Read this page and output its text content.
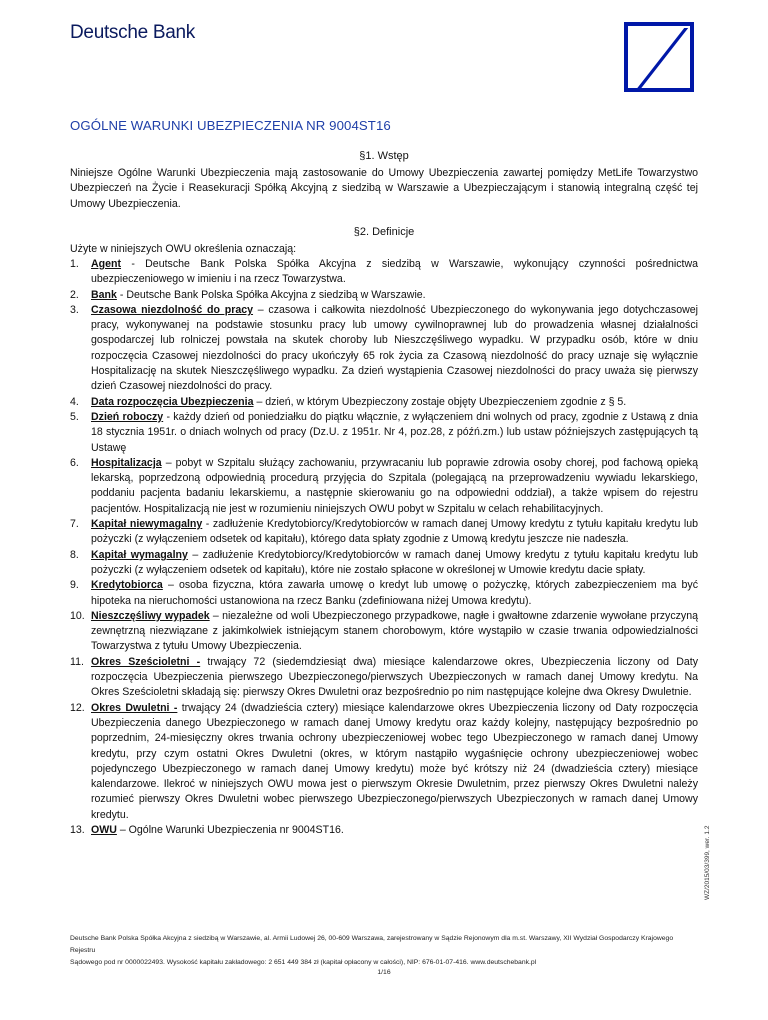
Deutsche Bank
OGÓLNE WARUNKI UBEZPIECZENIA NR 9004ST16
§1. Wstęp
Niniejsze Ogólne Warunki Ubezpieczenia mają zastosowanie do Umowy Ubezpieczenia zawartej pomiędzy MetLife Towarzystwo Ubezpieczeń na Życie i Reasekuracji Spółką Akcyjną z siedzibą w Warszawie a Ubezpieczającym i stanowią integralną część tej Umowy Ubezpieczenia.
§2. Definicje
Użyte w niniejszych OWU określenia oznaczają:
1. Agent - Deutsche Bank Polska Spółka Akcyjna z siedzibą w Warszawie, wykonujący czynności pośrednictwa ubezpieczeniowego w imieniu i na rzecz Towarzystwa.
2. Bank - Deutsche Bank Polska Spółka Akcyjna z siedzibą w Warszawie.
3. Czasowa niezdolność do pracy – czasowa i całkowita niezdolność Ubezpieczonego do wykonywania jego dotychczasowej pracy, wykonywanej na podstawie stosunku pracy lub umowy cywilnoprawnej lub do prowadzenia własnej działalności gospodarczej lub rolniczej powstała na skutek choroby lub Nieszczęśliwego wypadku. W przypadku osób, które w dniu rozpoczęcia Czasowej niezdolności do pracy ukończyły 65 rok życia za Czasową niezdolność do pracy uznaje się wyłącznie Hospitalizację na skutek Nieszczęśliwego wypadku. Za dzień wystąpienia Czasowej niezdolności do pracy uważa się pierwszy dzień Czasowej niezdolności do pracy.
4. Data rozpoczęcia Ubezpieczenia – dzień, w którym Ubezpieczony zostaje objęty Ubezpieczeniem zgodnie z § 5.
5. Dzień roboczy - każdy dzień od poniedziałku do piątku włącznie, z wyłączeniem dni wolnych od pracy, zgodnie z Ustawą z dnia 18 stycznia 1951r. o dniach wolnych od pracy (Dz.U. z 1951r. Nr 4, poz.28, z późń.zm.) lub ustaw późniejszych zastępujących tą Ustawę
6. Hospitalizacja – pobyt w Szpitalu służący zachowaniu, przywracaniu lub poprawie zdrowia osoby chorej, pod fachową opieką lekarską, poprzedzoną odpowiednią procedurą przyjęcia do Szpitala (polegającą na przeprowadzeniu wywiadu lekarskiego, poddaniu pacjenta badaniu lekarskiemu, a następnie skierowaniu go na odpowiedni oddział), a także wpisem do rejestru pacjentów. Hospitalizacją nie jest w rozumieniu niniejszych OWU pobyt w Szpitalu w celach rehabilitacyjnych.
7. Kapitał niewymagalny - zadłużenie Kredytobiorcy/Kredytobiorców w ramach danej Umowy kredytu z tytułu kapitału kredytu lub pożyczki (z wyłączeniem odsetek od kapitału), którego data spłaty zgodnie z Umową kredytu jeszcze nie nadeszła.
8. Kapitał wymagalny – zadłużenie Kredytobiorcy/Kredytobiorców w ramach danej Umowy kredytu z tytułu kapitału kredytu lub pożyczki (z wyłączeniem odsetek od kapitału), które nie zostało spłacone w określonej w Umowie kredytu dacie spłaty.
9. Kredytobiorca – osoba fizyczna, która zawarła umowę o kredyt lub umowę o pożyczkę, których zabezpieczeniem ma być hipoteka na nieruchomości ustanowiona na rzecz Banku (zdefiniowana niżej Umowa kredytu).
10. Nieszczęśliwy wypadek – niezależne od woli Ubezpieczonego przypadkowe, nagłe i gwałtowne zdarzenie wywołane przyczyną zewnętrzną niezwiązane z jakimkolwiek istniejącym stanem chorobowym, które wystąpiło w czasie trwania odpowiedzialności Towarzystwa z tytułu Umowy Ubezpieczenia.
11. Okres Sześcioletni - trwający 72 (siedemdziesiąt dwa) miesiące kalendarzowe okres, Ubezpieczenia liczony od Daty rozpoczęcia Ubezpieczenia pierwszego Ubezpieczonego/pierwszych Ubezpieczonych w ramach danej Umowy kredytu. Na Okres Sześcioletni składają się: pierwszy Okres Dwuletni oraz bezpośrednio po nim następujące kolejne dwa Okresy Dwuletnie.
12. Okres Dwuletni - trwający 24 (dwadzieścia cztery) miesiące kalendarzowe okres Ubezpieczenia liczony od Daty rozpoczęcia Ubezpieczenia danego Ubezpieczonego w ramach danej Umowy kredytu oraz każdy kolejny, następujący bezpośrednio po poprzednim, 24-miesięczny okres trwania ochrony ubezpieczeniowej wobec tego Ubezpieczonego w ramach danej Umowy kredytu, przy czym ostatni Okres Dwuletni (okres, w którym nastąpiło wygaśnięcie ochrony ubezpieczeniowej wobec pojedynczego Ubezpieczonego w ramach danej Umowy kredytu) może być krótszy niż 24 (dwadzieścia cztery) miesiące kalendarzowe. Ilekroć w niniejszych OWU mowa jest o pierwszym Okresie Dwuletnim, przez pierwszy Okres Dwuletni należy rozumieć pierwszy Okres Dwuletni wobec pierwszego Ubezpieczonego/pierwszych Ubezpieczonych w ramach danej Umowy kredytu.
13. OWU – Ogólne Warunki Ubezpieczenia nr 9004ST16.
Deutsche Bank Polska Spółka Akcyjna z siedzibą w Warszawie, al. Armii Ludowej 26, 00-609 Warszawa, zarejestrowany w Sądzie Rejonowym dla m.st. Warszawy, XII Wydział Gospodarczy Krajowego Rejestru
Sądowego pod nr 0000022493. Wysokość kapitału zakładowego: 2 651 449 384 zł (kapitał opłacony w całości), NIP: 676-01-07-416. www.deutschebank.pl
1/16
WZ/2015/03/399, wer. 1.2
